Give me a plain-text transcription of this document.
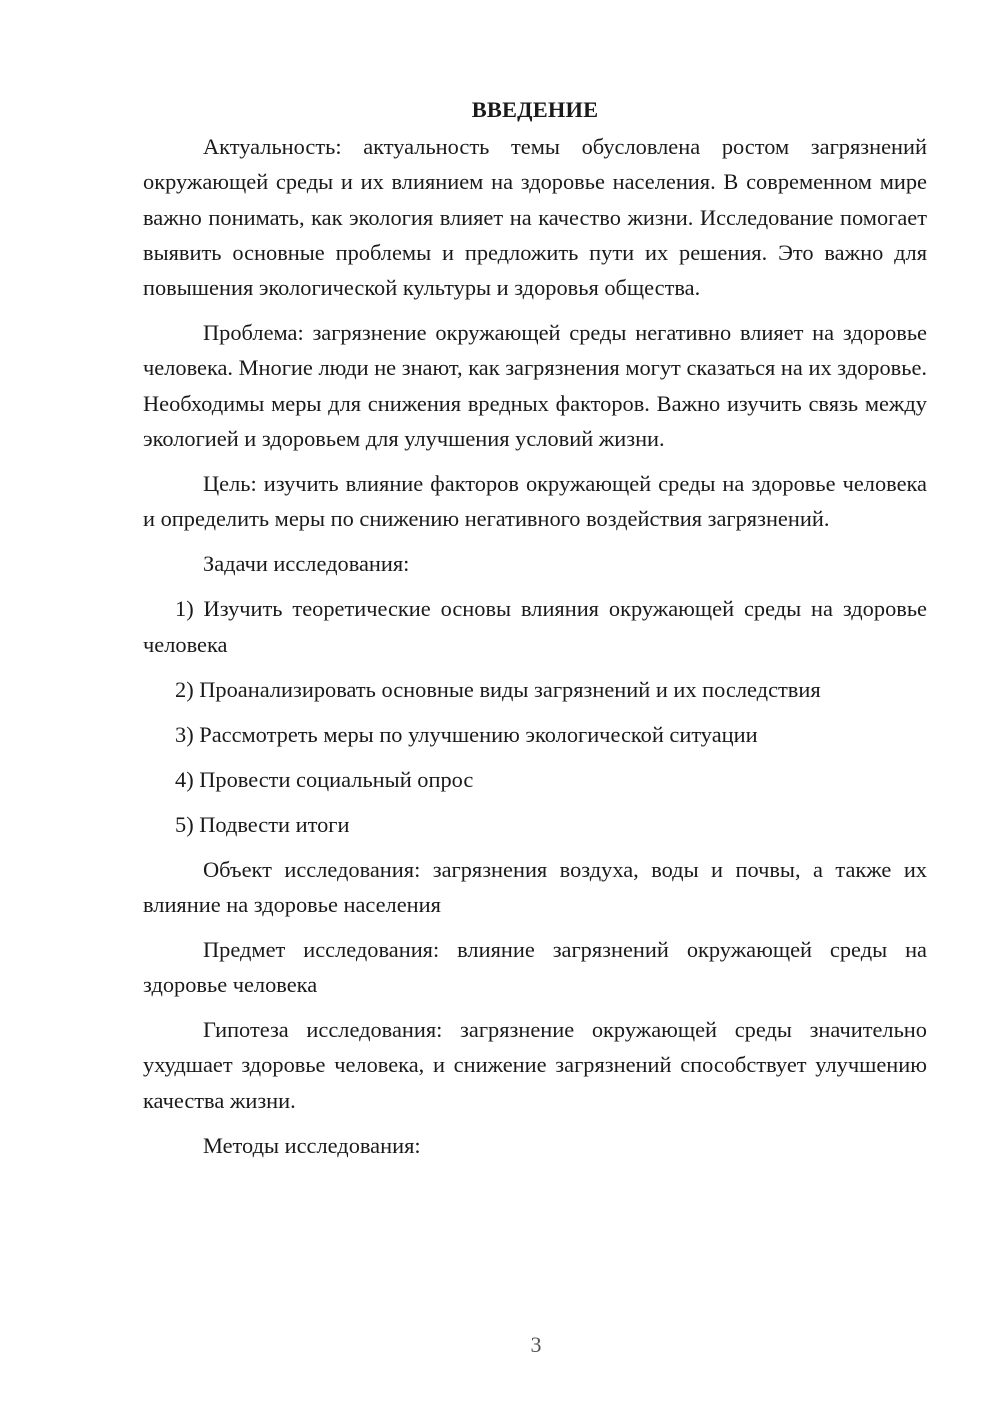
ВВЕДЕНИЕ

Актуальность: актуальность темы обусловлена ростом загрязнений окружающей среды и их влиянием на здоровье населения. В современном мире важно понимать, как экология влияет на качество жизни. Исследование помогает выявить основные проблемы и предложить пути их решения. Это важно для повышения экологической культуры и здоровья общества.

Проблема: загрязнение окружающей среды негативно влияет на здоровье человека. Многие люди не знают, как загрязнения могут сказаться на их здоровье. Необходимы меры для снижения вредных факторов. Важно изучить связь между экологией и здоровьем для улучшения условий жизни.

Цель: изучить влияние факторов окружающей среды на здоровье человека и определить меры по снижению негативного воздействия загрязнений.

Задачи исследования:

1) Изучить теоретические основы влияния окружающей среды на здоровье человека

2) Проанализировать основные виды загрязнений и их последствия

3) Рассмотреть меры по улучшению экологической ситуации

4) Провести социальный опрос

5) Подвести итоги

Объект исследования: загрязнения воздуха, воды и почвы, а также их влияние на здоровье населения

Предмет исследования: влияние загрязнений окружающей среды на здоровье человека

Гипотеза исследования: загрязнение окружающей среды значительно ухудшает здоровье человека, и снижение загрязнений способствует улучшению качества жизни.

Методы исследования:

3
